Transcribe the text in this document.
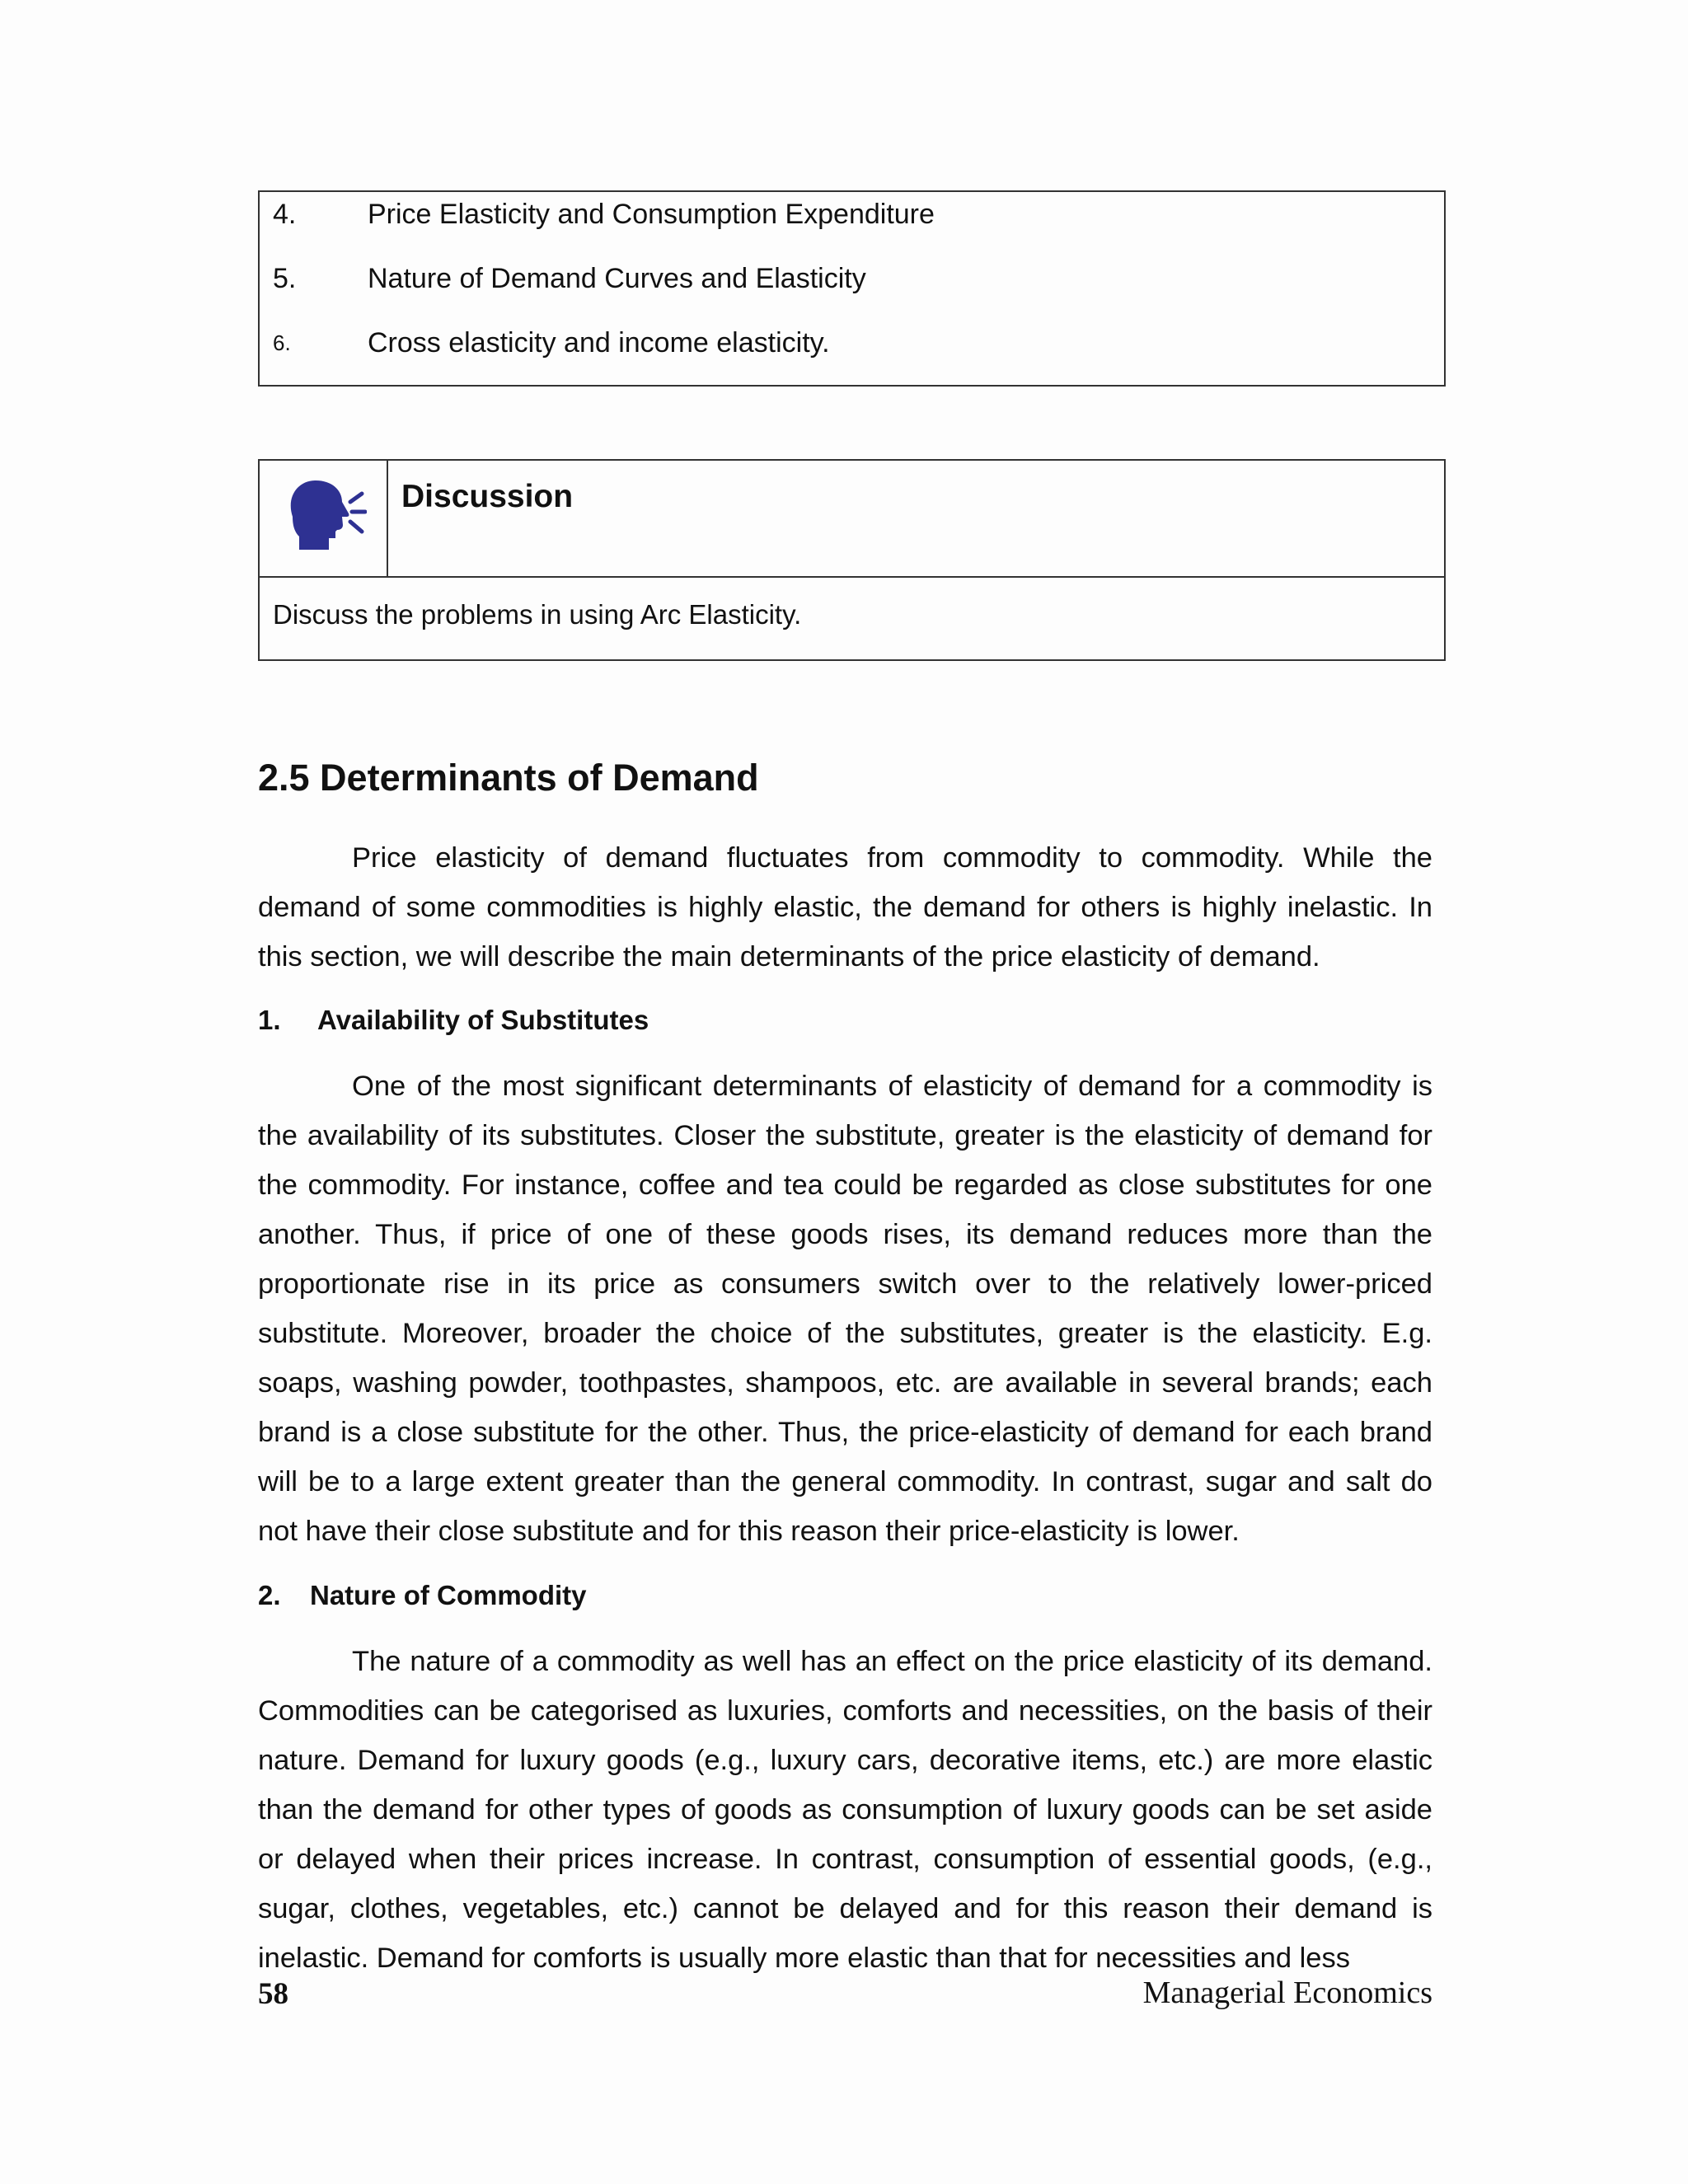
4.	Price Elasticity and Consumption Expenditure
5.	Nature of Demand Curves and Elasticity
6.	Cross elasticity and income elasticity.
Discussion
Discuss the problems in using Arc Elasticity.
2.5 Determinants of Demand

Price elasticity of demand fluctuates from commodity to commodity. While the demand of some commodities is highly elastic, the demand for others is highly inelastic. In this section, we will describe the main determinants of the price elasticity of demand.

1. Availability of Substitutes

One of the most significant determinants of elasticity of demand for a commodity is the availability of its substitutes. Closer the substitute, greater is the elasticity of demand for the commodity. For instance, coffee and tea could be regarded as close substitutes for one another. Thus, if price of one of these goods rises, its demand reduces more than the proportionate rise in its price as consumers switch over to the relatively lower-priced substitute. Moreover, broader the choice of the substitutes, greater is the elasticity. E.g. soaps, washing powder, toothpastes, shampoos, etc. are available in several brands; each brand is a close substitute for the other. Thus, the price-elasticity of demand for each brand will be to a large extent greater than the general commodity. In contrast, sugar and salt do not have their close substitute and for this reason their price-elasticity is lower.

2. Nature of Commodity

The nature of a commodity as well has an effect on the price elasticity of its demand. Commodities can be categorised as luxuries, comforts and necessities, on the basis of their nature. Demand for luxury goods (e.g., luxury cars, decorative items, etc.) are more elastic than the demand for other types of goods as consumption of luxury goods can be set aside or delayed when their prices increase. In contrast, consumption of essential goods, (e.g., sugar, clothes, vegetables, etc.) cannot be delayed and for this reason their demand is inelastic. Demand for comforts is usually more elastic than that for necessities and less

58	Managerial Economics
